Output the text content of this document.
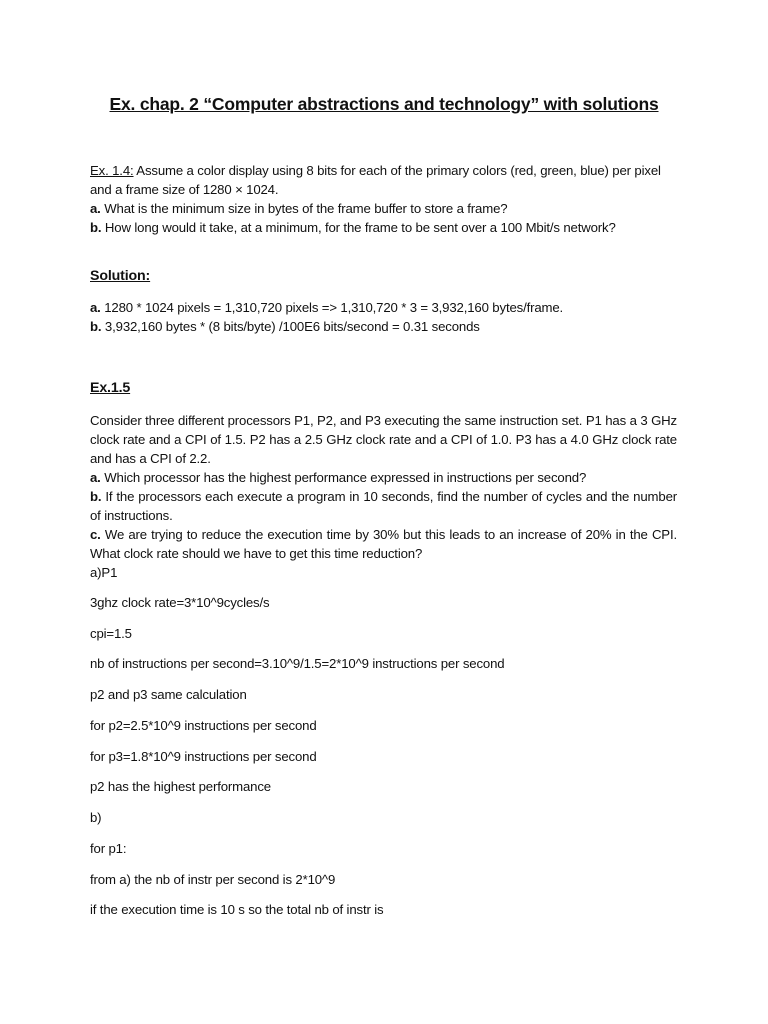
Ex. chap. 2 “Computer abstractions and technology” with solutions

Ex. 1.4: Assume a color display using 8 bits for each of the primary colors (red, green, blue) per pixel and a frame size of 1280 × 1024.

a. What is the minimum size in bytes of the frame buffer to store a frame?

b. How long would it take, at a minimum, for the frame to be sent over a 100 Mbit/s network?

Solution:

a. 1280 * 1024 pixels = 1,310,720 pixels => 1,310,720 * 3 = 3,932,160 bytes/frame.

b. 3,932,160 bytes * (8 bits/byte) /100E6 bits/second = 0.31 seconds

Ex.1.5

Consider three different processors P1, P2, and P3 executing the same instruction set. P1 has a 3 GHz clock rate and a CPI of 1.5. P2 has a 2.5 GHz clock rate and a CPI of 1.0. P3 has a 4.0 GHz clock rate and has a CPI of 2.2.

a. Which processor has the highest performance expressed in instructions per second?

b. If the processors each execute a program in 10 seconds, find the number of cycles and the number of instructions.

c. We are trying to reduce the execution time by 30% but this leads to an increase of 20% in the CPI. What clock rate should we have to get this time reduction?

a)P1

3ghz clock rate=3*10^9cycles/s

cpi=1.5

nb of instructions per second=3.10^9/1.5=2*10^9 instructions per second

p2 and p3 same calculation

for p2=2.5*10^9 instructions per second

for p3=1.8*10^9 instructions per second

p2 has the highest performance

b)

for p1:

from a) the nb of instr per second is 2*10^9

if the execution time is 10 s so the total nb of instr is
